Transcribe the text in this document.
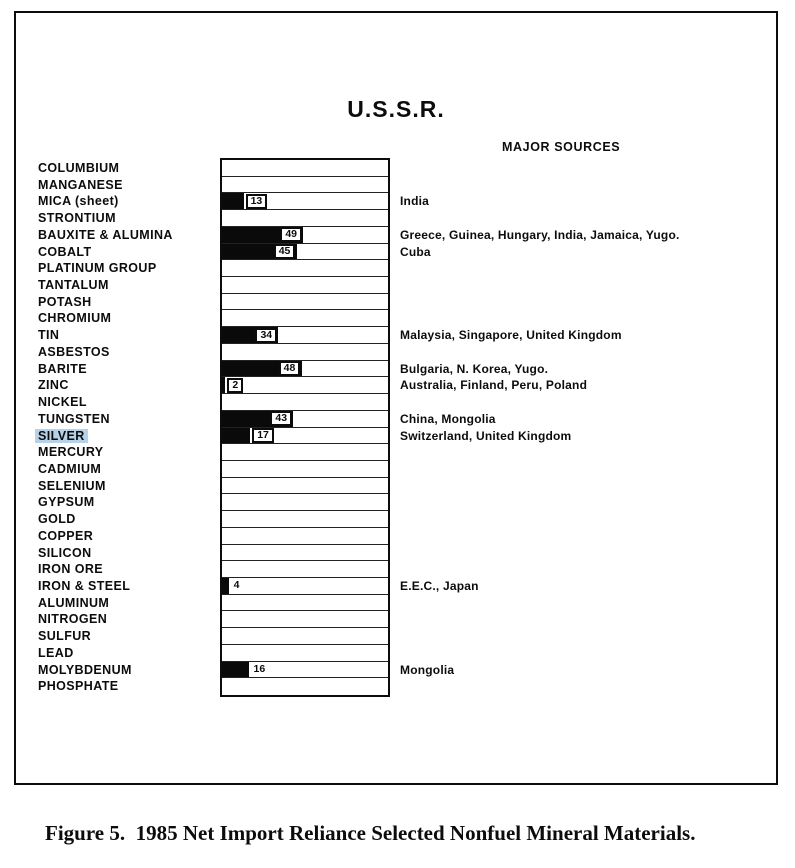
U.S.S.R.
MAJOR SOURCES
COLUMBIUM
MANGANESE
MICA (sheet)	13	India
STRONTIUM
BAUXITE & ALUMINA	49	Greece, Guinea, Hungary, India, Jamaica, Yugo.
COBALT	45	Cuba
PLATINUM GROUP
TANTALUM
POTASH
CHROMIUM
TIN	34	Malaysia, Singapore, United Kingdom
ASBESTOS
BARITE	48	Bulgaria, N. Korea, Yugo.
ZINC	2	Australia, Finland, Peru, Poland
NICKEL
TUNGSTEN	43	China, Mongolia
SILVER	17	Switzerland, United Kingdom
MERCURY
CADMIUM
SELENIUM
GYPSUM
GOLD
COPPER
SILICON
IRON ORE
IRON & STEEL	4	E.E.C., Japan
ALUMINUM
NITROGEN
SULFUR
LEAD
MOLYBDENUM	16	Mongolia
PHOSPHATE
Figure 5.  1985 Net Import Reliance Selected Nonfuel Mineral Materials.
